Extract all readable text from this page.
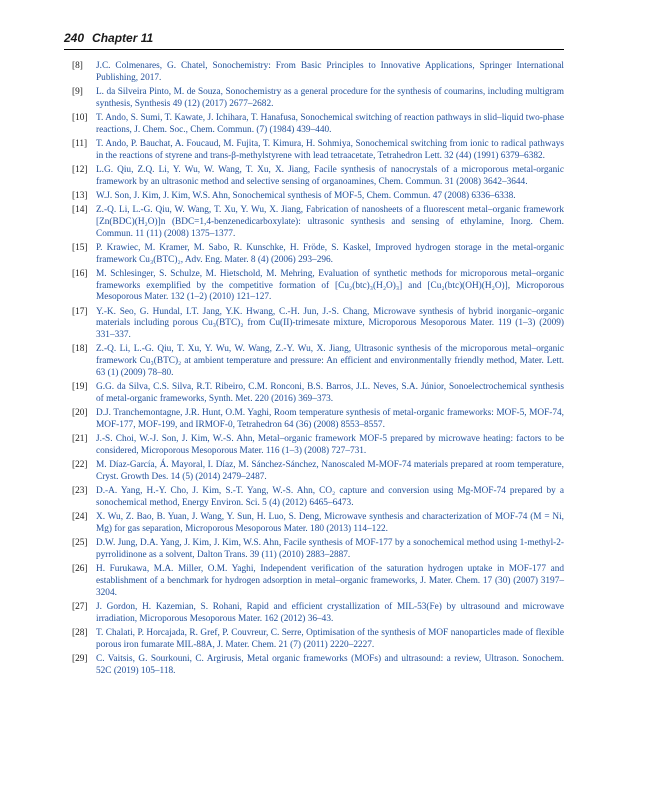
240 Chapter 11
[8] J.C. Colmenares, G. Chatel, Sonochemistry: From Basic Principles to Innovative Applications, Springer International Publishing, 2017.
[9] L. da Silveira Pinto, M. de Souza, Sonochemistry as a general procedure for the synthesis of coumarins, including multigram synthesis, Synthesis 49 (12) (2017) 2677–2682.
[10] T. Ando, S. Sumi, T. Kawate, J. Ichihara, T. Hanafusa, Sonochemical switching of reaction pathways in slid–liquid two-phase reactions, J. Chem. Soc., Chem. Commun. (7) (1984) 439–440.
[11] T. Ando, P. Bauchat, A. Foucaud, M. Fujita, T. Kimura, H. Sohmiya, Sonochemical switching from ionic to radical pathways in the reactions of styrene and trans-β-methylstyrene with lead tetraacetate, Tetrahedron Lett. 32 (44) (1991) 6379–6382.
[12] L.G. Qiu, Z.Q. Li, Y. Wu, W. Wang, T. Xu, X. Jiang, Facile synthesis of nanocrystals of a microporous metal-organic framework by an ultrasonic method and selective sensing of organoamines, Chem. Commun. 31 (2008) 3642–3644.
[13] W.J. Son, J. Kim, J. Kim, W.S. Ahn, Sonochemical synthesis of MOF-5, Chem. Commun. 47 (2008) 6336–6338.
[14] Z.-Q. Li, L.-G. Qiu, W. Wang, T. Xu, Y. Wu, X. Jiang, Fabrication of nanosheets of a fluorescent metal–organic framework [Zn(BDC)(H₂O)]n (BDC=1,4-benzenedicarboxylate): ultrasonic synthesis and sensing of ethylamine, Inorg. Chem. Commun. 11 (11) (2008) 1375–1377.
[15] P. Krawiec, M. Kramer, M. Sabo, R. Kunschke, H. Fröde, S. Kaskel, Improved hydrogen storage in the metal-organic framework Cu₃(BTC)₂, Adv. Eng. Mater. 8 (4) (2006) 293–296.
[16] M. Schlesinger, S. Schulze, M. Hietschold, M. Mehring, Evaluation of synthetic methods for microporous metal–organic frameworks exemplified by the competitive formation of [Cu₂(btc)₃(H₂O)₃] and [Cu₂(btc)(OH)(H₂O)], Microporous Mesoporous Mater. 132 (1–2) (2010) 121–127.
[17] Y.-K. Seo, G. Hundal, I.T. Jang, Y.K. Hwang, C.-H. Jun, J.-S. Chang, Microwave synthesis of hybrid inorganic–organic materials including porous Cu₃(BTC)₂ from Cu(II)-trimesate mixture, Microporous Mesoporous Mater. 119 (1–3) (2009) 331–337.
[18] Z.-Q. Li, L.-G. Qiu, T. Xu, Y. Wu, W. Wang, Z.-Y. Wu, X. Jiang, Ultrasonic synthesis of the microporous metal–organic framework Cu₃(BTC)₂ at ambient temperature and pressure: An efficient and environmentally friendly method, Mater. Lett. 63 (1) (2009) 78–80.
[19] G.G. da Silva, C.S. Silva, R.T. Ribeiro, C.M. Ronconi, B.S. Barros, J.L. Neves, S.A. Júnior, Sonoelectrochemical synthesis of metal-organic frameworks, Synth. Met. 220 (2016) 369–373.
[20] D.J. Tranchemontagne, J.R. Hunt, O.M. Yaghi, Room temperature synthesis of metal-organic frameworks: MOF-5, MOF-74, MOF-177, MOF-199, and IRMOF-0, Tetrahedron 64 (36) (2008) 8553–8557.
[21] J.-S. Choi, W.-J. Son, J. Kim, W.-S. Ahn, Metal–organic framework MOF-5 prepared by microwave heating: factors to be considered, Microporous Mesoporous Mater. 116 (1–3) (2008) 727–731.
[22] M. Díaz-García, Á. Mayoral, I. Díaz, M. Sánchez-Sánchez, Nanoscaled M-MOF-74 materials prepared at room temperature, Cryst. Growth Des. 14 (5) (2014) 2479–2487.
[23] D.-A. Yang, H.-Y. Cho, J. Kim, S.-T. Yang, W.-S. Ahn, CO₂ capture and conversion using Mg-MOF-74 prepared by a sonochemical method, Energy Environ. Sci. 5 (4) (2012) 6465–6473.
[24] X. Wu, Z. Bao, B. Yuan, J. Wang, Y. Sun, H. Luo, S. Deng, Microwave synthesis and characterization of MOF-74 (M = Ni, Mg) for gas separation, Microporous Mesoporous Mater. 180 (2013) 114–122.
[25] D.W. Jung, D.A. Yang, J. Kim, J. Kim, W.S. Ahn, Facile synthesis of MOF-177 by a sonochemical method using 1-methyl-2-pyrrolidinone as a solvent, Dalton Trans. 39 (11) (2010) 2883–2887.
[26] H. Furukawa, M.A. Miller, O.M. Yaghi, Independent verification of the saturation hydrogen uptake in MOF-177 and establishment of a benchmark for hydrogen adsorption in metal–organic frameworks, J. Mater. Chem. 17 (30) (2007) 3197–3204.
[27] J. Gordon, H. Kazemian, S. Rohani, Rapid and efficient crystallization of MIL-53(Fe) by ultrasound and microwave irradiation, Microporous Mesoporous Mater. 162 (2012) 36–43.
[28] T. Chalati, P. Horcajada, R. Gref, P. Couvreur, C. Serre, Optimisation of the synthesis of MOF nanoparticles made of flexible porous iron fumarate MIL-88A, J. Mater. Chem. 21 (7) (2011) 2220–2227.
[29] C. Vaitsis, G. Sourkouni, C. Argirusis, Metal organic frameworks (MOFs) and ultrasound: a review, Ultrason. Sonochem. 52C (2019) 105–118.
